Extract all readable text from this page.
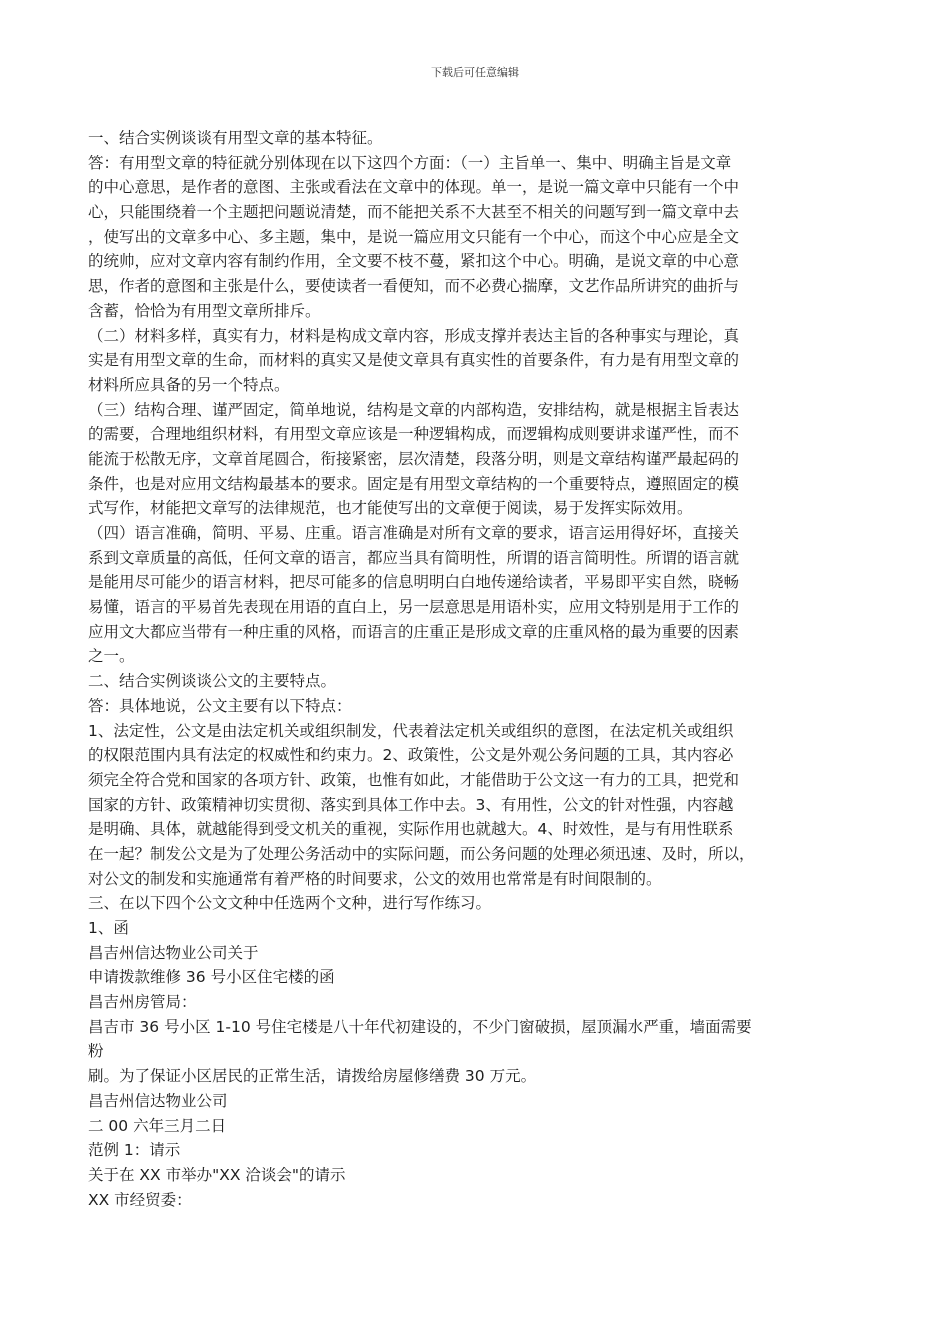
下载后可任意编辑
一、结合实例谈谈有用型文章的基本特征。
答：有用型文章的特征就分别体现在以下这四个方面：（一）主旨单一、集中、明确主旨是文章
的中心意思，是作者的意图、主张或看法在文章中的体现。单一，是说一篇文章中只能有一个中
心，只能围绕着一个主题把问题说清楚，而不能把关系不大甚至不相关的问题写到一篇文章中去
，使写出的文章多中心、多主题，集中，是说一篇应用文只能有一个中心，而这个中心应是全文
的统帅，应对文章内容有制约作用，全文要不枝不蔓，紧扣这个中心。明确，是说文章的中心意
思，作者的意图和主张是什么，要使读者一看便知，而不必费心揣摩，文艺作品所讲究的曲折与
含蓄，恰恰为有用型文章所排斥。
（二）材料多样，真实有力，材料是构成文章内容，形成支撑并表达主旨的各种事实与理论，真
实是有用型文章的生命，而材料的真实又是使文章具有真实性的首要条件，有力是有用型文章的
材料所应具备的另一个特点。
（三）结构合理、谨严固定，简单地说，结构是文章的内部构造，安排结构，就是根据主旨表达
的需要，合理地组织材料，有用型文章应该是一种逻辑构成，而逻辑构成则要讲求谨严性，而不
能流于松散无序，文章首尾圆合，衔接紧密，层次清楚，段落分明，则是文章结构谨严最起码的
条件，也是对应用文结构最基本的要求。固定是有用型文章结构的一个重要特点，遵照固定的模
式写作，材能把文章写的法律规范，也才能使写出的文章便于阅读，易于发挥实际效用。
（四）语言准确，简明、平易、庄重。语言准确是对所有文章的要求，语言运用得好坏，直接关
系到文章质量的高低，任何文章的语言，都应当具有简明性，所谓的语言简明性。所谓的语言就
是能用尽可能少的语言材料，把尽可能多的信息明明白白地传递给读者，平易即平实自然，晓畅
易懂，语言的平易首先表现在用语的直白上，另一层意思是用语朴实，应用文特别是用于工作的
应用文大都应当带有一种庄重的风格，而语言的庄重正是形成文章的庄重风格的最为重要的因素
之一。
二、结合实例谈谈公文的主要特点。
答：具体地说，公文主要有以下特点：
1、法定性，公文是由法定机关或组织制发，代表着法定机关或组织的意图，在法定机关或组织
的权限范围内具有法定的权威性和约束力。2、政策性，公文是外观公务问题的工具，其内容必
须完全符合党和国家的各项方针、政策，也惟有如此，才能借助于公文这一有力的工具，把党和
国家的方针、政策精神切实贯彻、落实到具体工作中去。3、有用性，公文的针对性强，内容越
是明确、具体，就越能得到受文机关的重视，实际作用也就越大。4、时效性，是与有用性联系
在一起？制发公文是为了处理公务活动中的实际问题，而公务问题的处理必须迅速、及时，所以，
对公文的制发和实施通常有着严格的时间要求，公文的效用也常常是有时间限制的。
三、在以下四个公文文种中任选两个文种，进行写作练习。
1、函
昌吉州信达物业公司关于
申请拨款维修 36 号小区住宅楼的函
昌吉州房管局：
昌吉市 36 号小区 1-10 号住宅楼是八十年代初建设的，不少门窗破损，屋顶漏水严重，墙面需要
粉
刷。为了保证小区居民的正常生活，请拨给房屋修缮费 30 万元。
昌吉州信达物业公司
二 00 六年三月二日
范例 1：请示
关于在 XX 市举办"XX 洽谈会"的请示
XX 市经贸委：
